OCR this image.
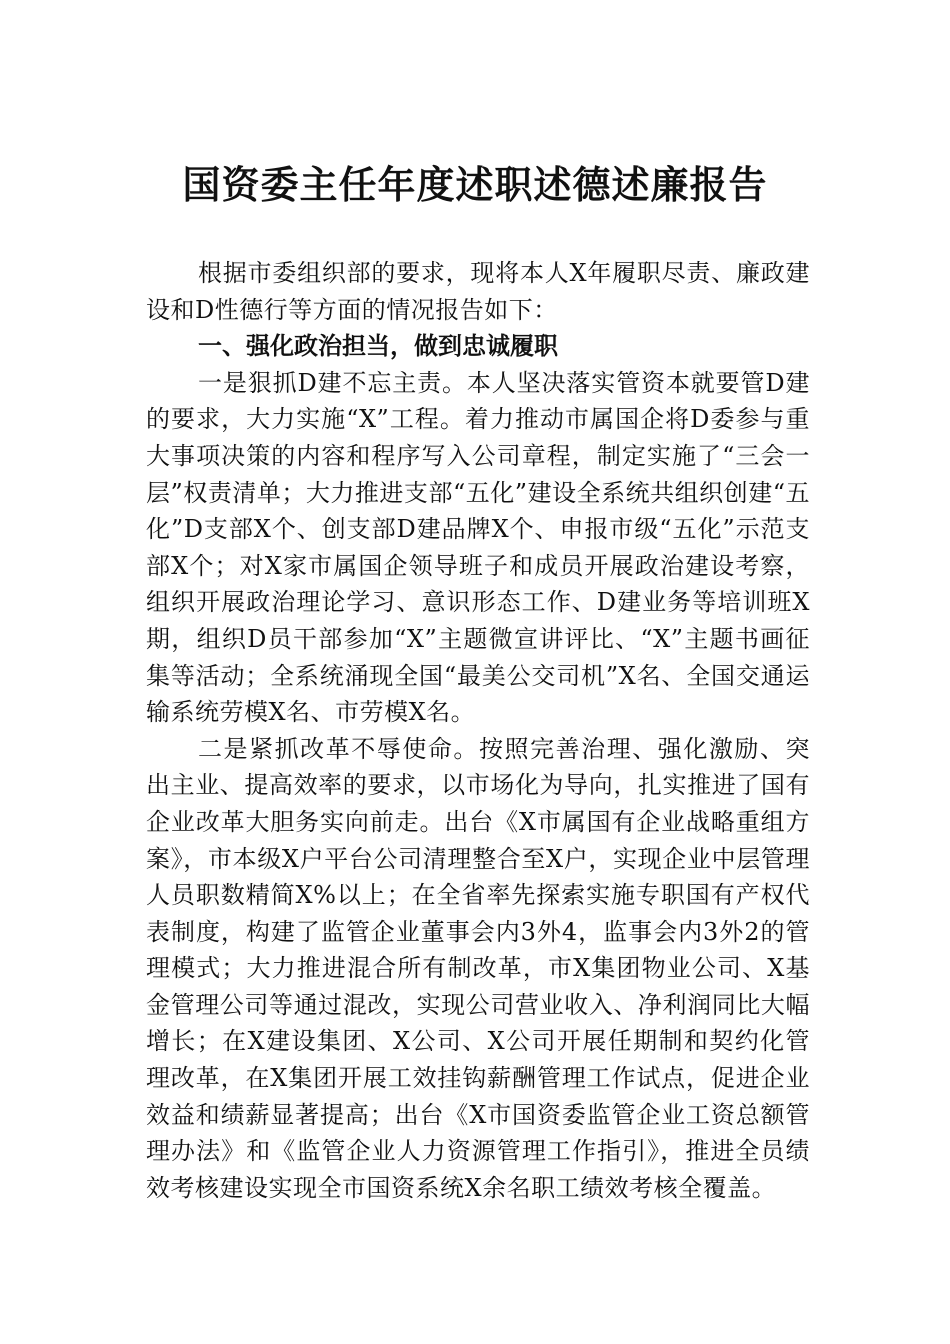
国资委主任年度述职述德述廉报告

根据市委组织部的要求，现将本人X年履职尽责、廉政建设和D性德行等方面的情况报告如下：

一、强化政治担当，做到忠诚履职

一是狠抓D建不忘主责。本人坚决落实管资本就要管D建的要求，大力实施“X”工程。着力推动市属国企将D委参与重大事项决策的内容和程序写入公司章程，制定实施了“三会一层”权责清单；大力推进支部“五化”建设全系统共组织创建“五化”D支部X个、创支部D建品牌X个、申报市级“五化”示范支部X个；对X家市属国企领导班子和成员开展政治建设考察，组织开展政治理论学习、意识形态工作、D建业务等培训班X期，组织D员干部参加“X”主题微宣讲评比、“X”主题书画征集等活动；全系统涌现全国“最美公交司机”X名、全国交通运输系统劳模X名、市劳模X名。

二是紧抓改革不辱使命。按照完善治理、强化激励、突出主业、提高效率的要求，以市场化为导向，扎实推进了国有企业改革大胆务实向前走。出台《X市属国有企业战略重组方案》，市本级X户平台公司清理整合至X户，实现企业中层管理人员职数精简X%以上；在全省率先探索实施专职国有产权代表制度，构建了监管企业董事会内3外4，监事会内3外2的管理模式；大力推进混合所有制改革，市X集团物业公司、X基金管理公司等通过混改，实现公司营业收入、净利润同比大幅增长；在X建设集团、X公司、X公司开展任期制和契约化管理改革，在X集团开展工效挂钩薪酬管理工作试点，促进企业效益和绩薪显著提高；出台《X市国资委监管企业工资总额管理办法》和《监管企业人力资源管理工作指引》，推进全员绩效考核建设实现全市国资系统X余名职工绩效考核全覆盖。
